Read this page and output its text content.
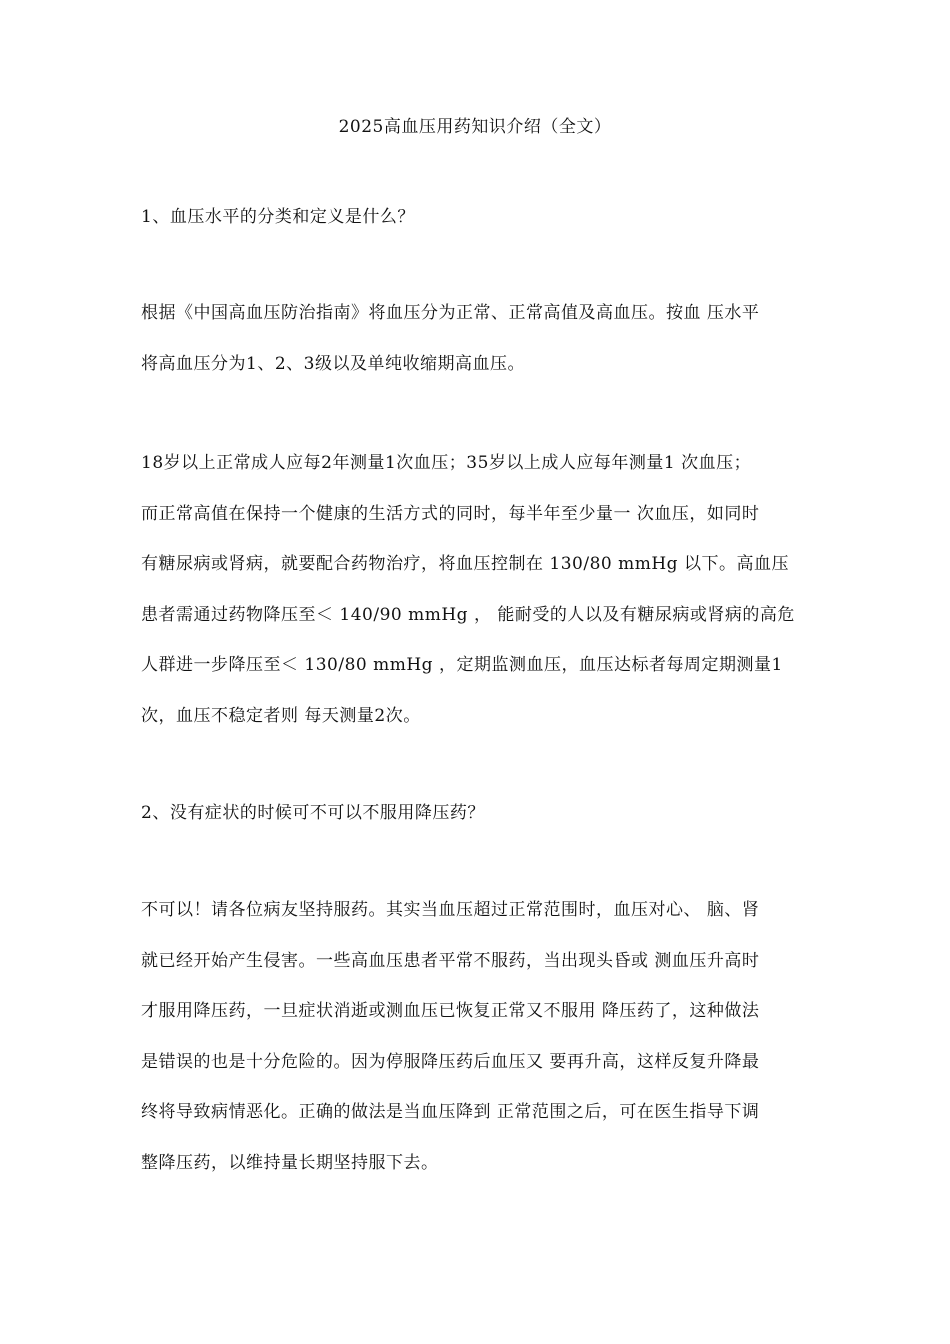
2025高血压用药知识介绍（全文）
1、血压水平的分类和定义是什么？
根据《中国高血压防治指南》将血压分为正常、正常高值及高血压。按血 压水平
将高血压分为1、2、3级以及单纯收缩期高血压。
18岁以上正常成人应每2年测量1次血压；35岁以上成人应每年测量1 次血压；
而正常高值在保持一个健康的生活方式的同时，每半年至少量一 次血压，如同时
有糖尿病或肾病，就要配合药物治疗，将血压控制在 130/80 mmHg 以下。高血压
患者需通过药物降压至＜ 140/90 mmHg ， 能耐受的人以及有糖尿病或肾病的高危
人群进一步降压至＜ 130/80 mmHg ，定期监测血压，血压达标者每周定期测量1
次，血压不稳定者则 每天测量2次。
2、没有症状的时候可不可以不服用降压药？
不可以！请各位病友坚持服药。其实当血压超过正常范围时，血压对心、 脑、肾
就已经开始产生侵害。一些高血压患者平常不服药，当出现头昏或 测血压升高时
才服用降压药，一旦症状消逝或测血压已恢复正常又不服用 降压药了，这种做法
是错误的也是十分危险的。因为停服降压药后血压又 要再升高，这样反复升降最
终将导致病情恶化。正确的做法是当血压降到 正常范围之后，可在医生指导下调
整降压药，以维持量长期坚持服下去。
